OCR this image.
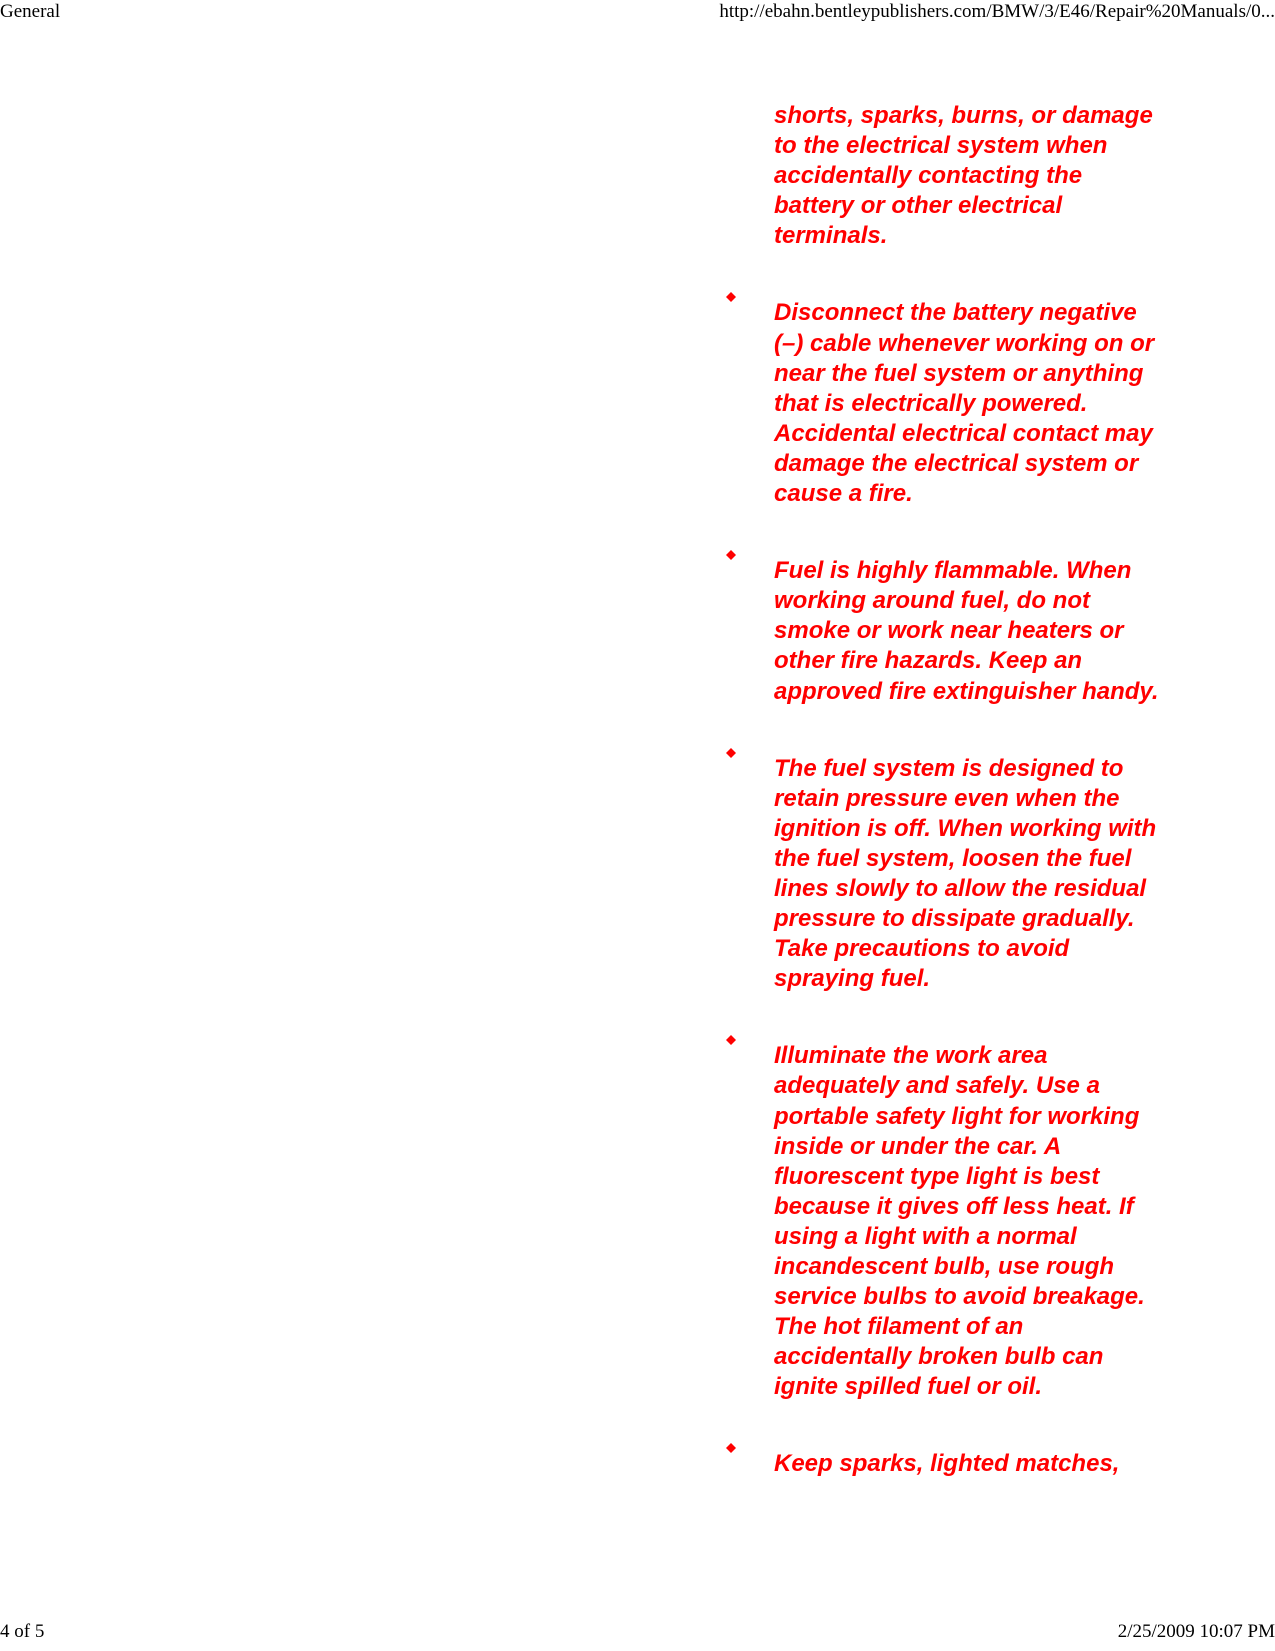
General	http://ebahn.bentleypublishers.com/BMW/3/E46/Repair%20Manuals/0...

shorts, sparks, burns, or damage to the electrical system when accidentally contacting the battery or other electrical terminals.

Disconnect the battery negative (–) cable whenever working on or near the fuel system or anything that is electrically powered. Accidental electrical contact may damage the electrical system or cause a fire.
Fuel is highly flammable. When working around fuel, do not smoke or work near heaters or other fire hazards. Keep an approved fire extinguisher handy.
The fuel system is designed to retain pressure even when the ignition is off. When working with the fuel system, loosen the fuel lines slowly to allow the residual pressure to dissipate gradually. Take precautions to avoid spraying fuel.
Illuminate the work area adequately and safely. Use a portable safety light for working inside or under the car. A fluorescent type light is best because it gives off less heat. If using a light with a normal incandescent bulb, use rough service bulbs to avoid breakage. The hot filament of an accidentally broken bulb can ignite spilled fuel or oil.
Keep sparks, lighted matches,
4 of 5	2/25/2009 10:07 PM
